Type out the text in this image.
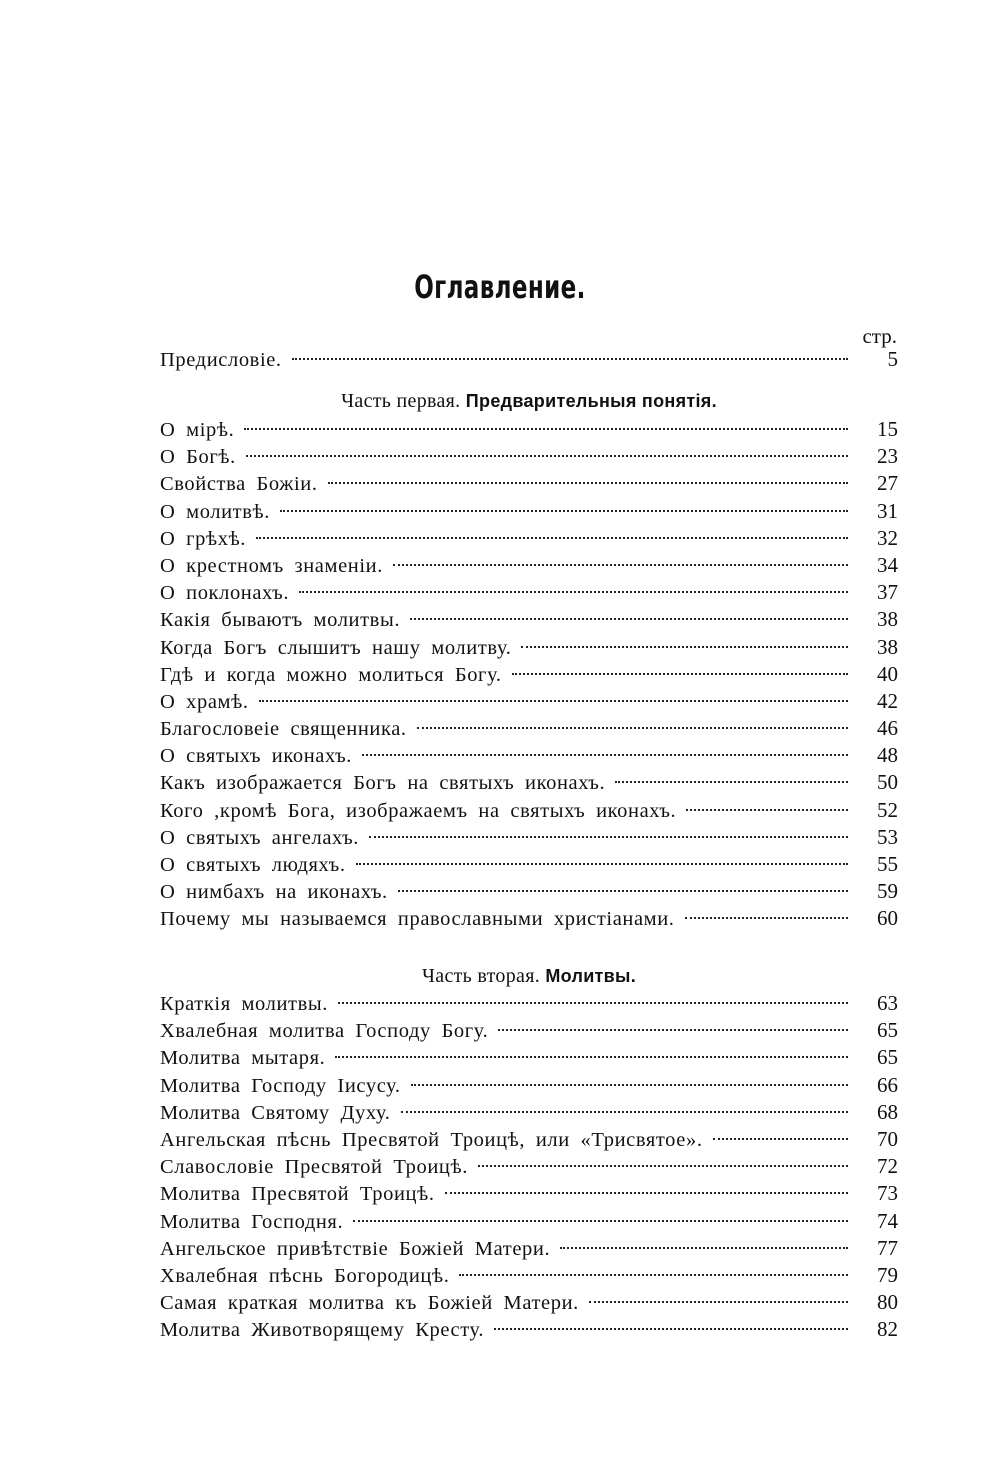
Оглавление.
стр.
Предисловіе.	5
Часть первая. Предварительныя понятія.
О мірѣ.	15
О Богѣ.	23
Свойства Божіи.	27
О молитвѣ.	31
О грѣхѣ.	32
О крестномъ знаменіи.	34
О поклонахъ.	37
Какія бываютъ молитвы.	38
Когда Богъ слышитъ нашу молитву.	38
Гдѣ и когда можно молиться Богу.	40
О храмѣ.	42
Благословеіе священника.	46
О святыхъ иконахъ.	48
Какъ изображается Богъ на святыхъ иконахъ.	50
Кого ,кромѣ Бога, изображаемъ на святыхъ иконахъ.	52
О святыхъ ангелахъ.	53
О святыхъ людяхъ.	55
О нимбахъ на иконахъ.	59
Почему мы называемся православными христіанами.	60
Часть вторая. Молитвы.
Краткія молитвы.	63
Хвалебная молитва Господу Богу.	65
Молитва мытаря.	65
Молитва Господу Іисусу.	66
Молитва Святому Духу.	68
Ангельская пѣснь Пресвятой Троицѣ, или «Трисвятое».	70
Славословіе Пресвятой Троицѣ.	72
Молитва Пресвятой Троицѣ.	73
Молитва Господня.	74
Ангельское привѣтствіе Божіей Матери.	77
Хвалебная пѣснь Богородицѣ.	79
Самая краткая молитва къ Божіей Матери.	80
Молитва Животворящему Кресту.	82
